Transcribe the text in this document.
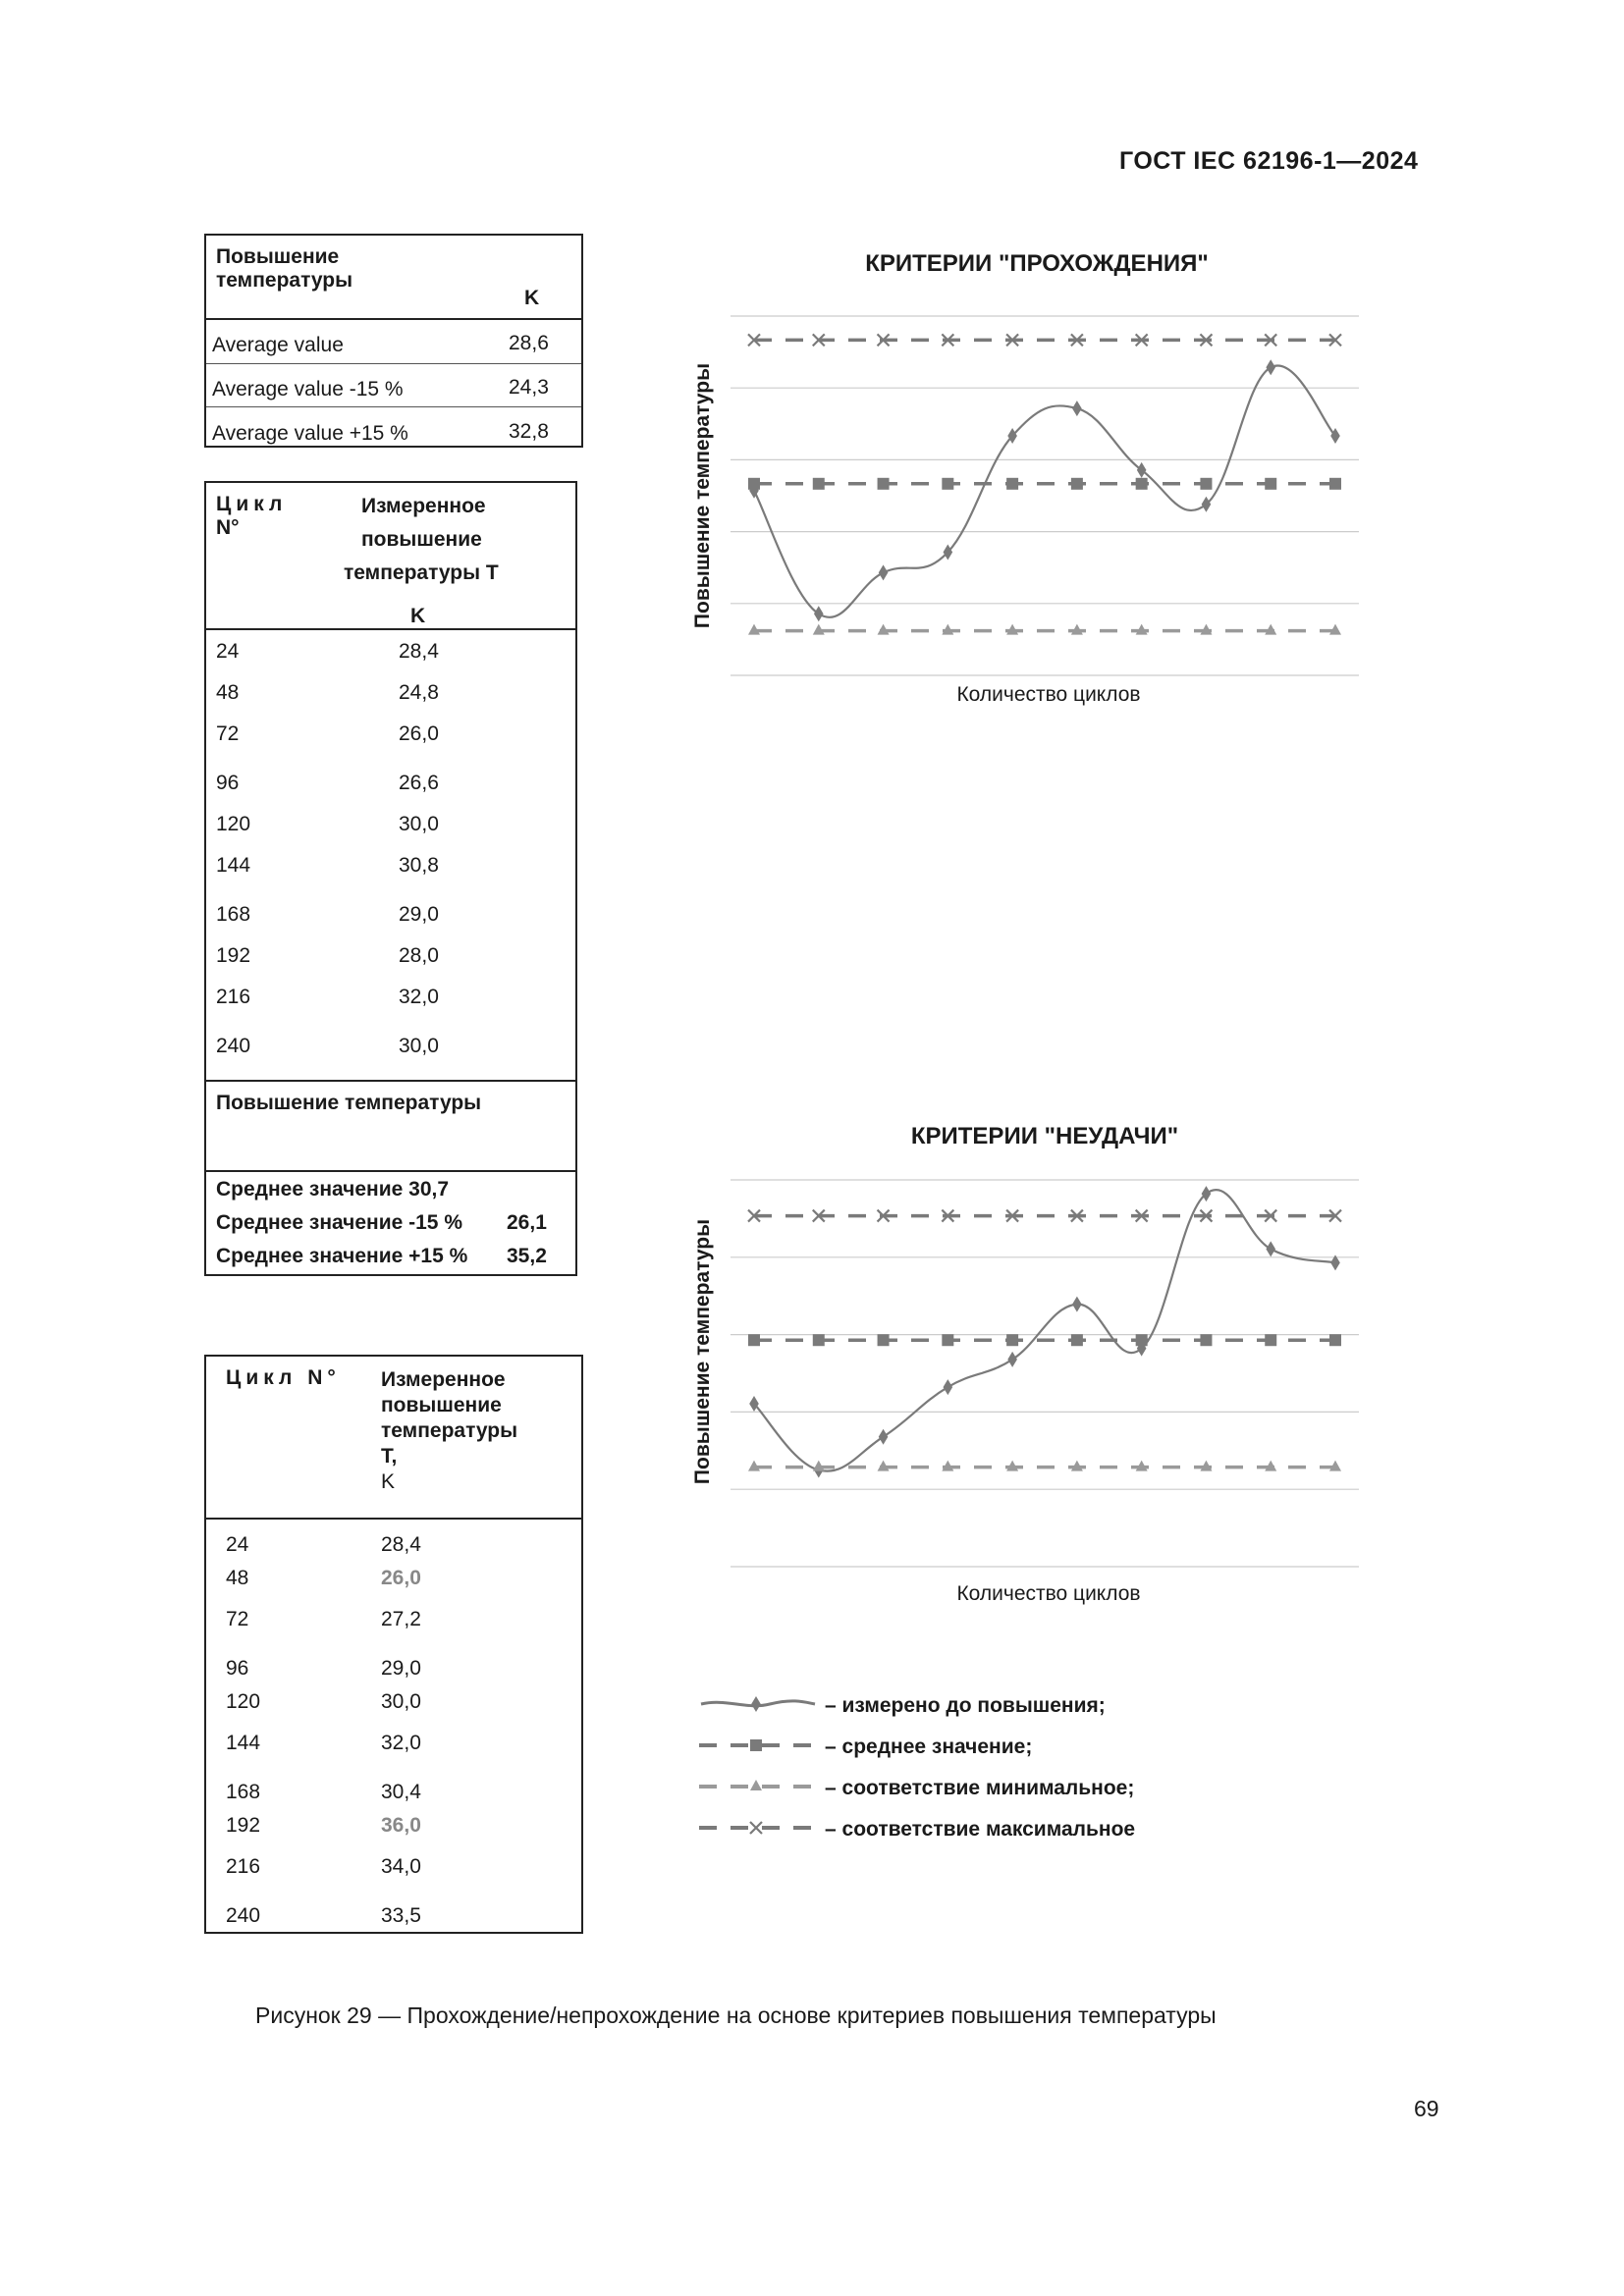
ГОСТ IEC 62196-1—2024
Повышение
температуры
K
Average value	28,6
Average value -15 %	24,3
Average value +15 %	32,8
Цикл
N°
Измеренное
повышение
температуры T
K
24	28,4
48	24,8
72	26,0
96	26,6
120	30,0
144	30,8
168	29,0
192	28,0
216	32,0
240	30,0
Повышение температуры
Среднее значение 30,7
Среднее значение -15 % 26,1
Среднее значение +15 % 35,2
Цикл N° Измеренное
повышение
температуры
T,
K
24	28,4
48	26,0
72	27,2
96	29,0
120	30,0
144	32,0
168	30,4
192	36,0
216	34,0
240	33,5
КРИТЕРИИ "ПРОХОЖДЕНИЯ"
Повышение температуры
Количество циклов
КРИТЕРИИ "НЕУДАЧИ"
Повышение температуры
Количество циклов
– измерено до повышения;
– среднее значение;
– соответствие минимальное;
– соответствие максимальное
Рисунок 29 — Прохождение/непрохождение на основе критериев повышения температуры
69
